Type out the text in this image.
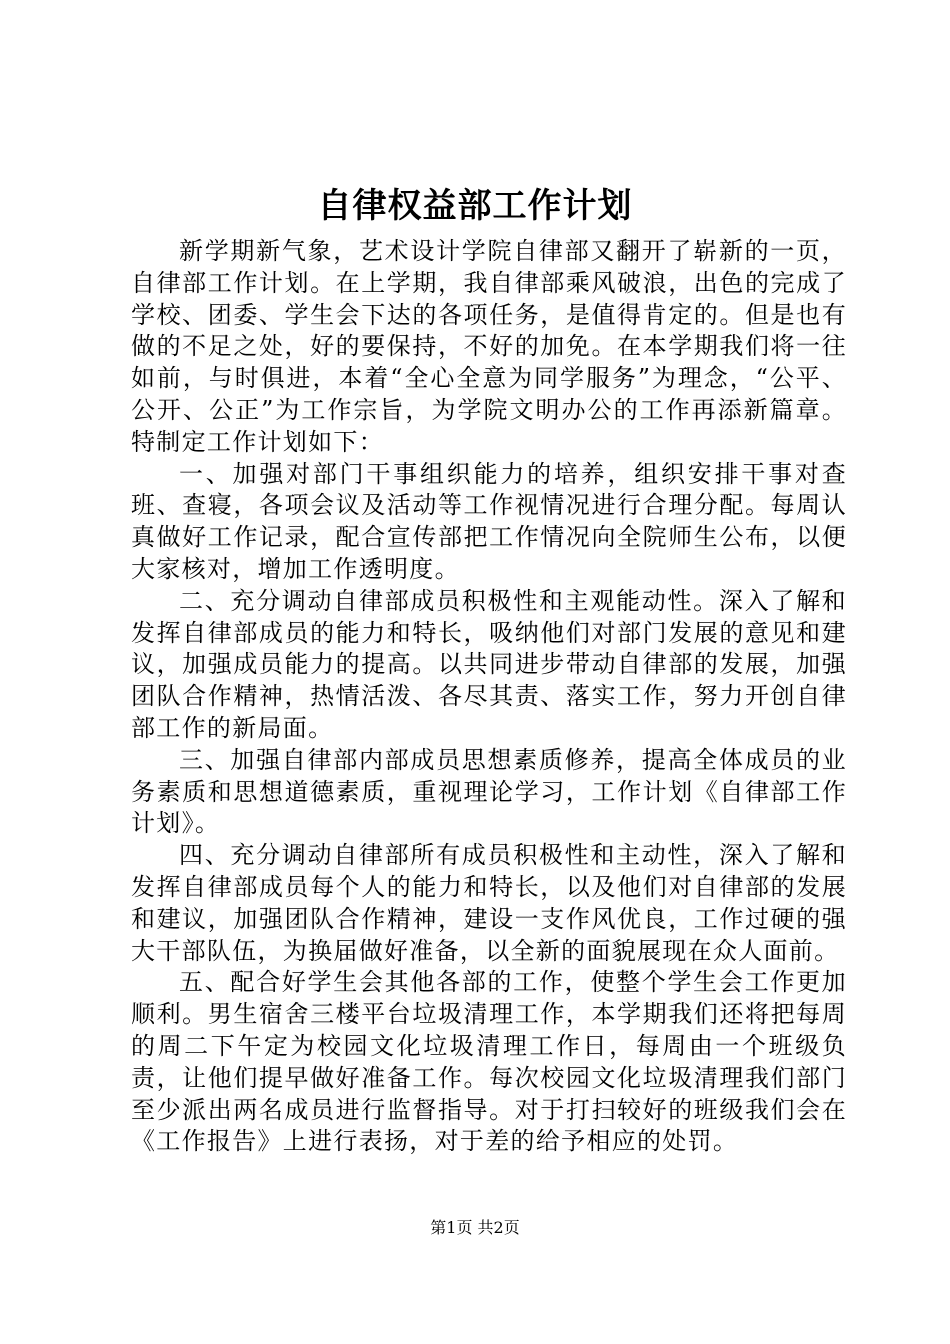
自律权益部工作计划

新学期新气象，艺术设计学院自律部又翻开了崭新的一页，自律部工作计划。在上学期，我自律部乘风破浪，出色的完成了学校、团委、学生会下达的各项任务，是值得肯定的。但是也有做的不足之处，好的要保持，不好的加免。在本学期我们将一往如前，与时俱进，本着“全心全意为同学服务”为理念，“公平、公开、公正”为工作宗旨，为学院文明办公的工作再添新篇章。特制定工作计划如下：

一、加强对部门干事组织能力的培养，组织安排干事对查班、查寝，各项会议及活动等工作视情况进行合理分配。每周认真做好工作记录，配合宣传部把工作情况向全院师生公布，以便大家核对，增加工作透明度。

二、充分调动自律部成员积极性和主观能动性。深入了解和发挥自律部成员的能力和特长，吸纳他们对部门发展的意见和建议，加强成员能力的提高。以共同进步带动自律部的发展，加强团队合作精神，热情活泼、各尽其责、落实工作，努力开创自律部工作的新局面。

三、加强自律部内部成员思想素质修养，提高全体成员的业务素质和思想道德素质，重视理论学习，工作计划《自律部工作计划》。

四、充分调动自律部所有成员积极性和主动性，深入了解和发挥自律部成员每个人的能力和特长，以及他们对自律部的发展和建议，加强团队合作精神，建设一支作风优良，工作过硬的强大干部队伍，为换届做好准备，以全新的面貌展现在众人面前。

五、配合好学生会其他各部的工作，使整个学生会工作更加顺利。男生宿舍三楼平台垃圾清理工作，本学期我们还将把每周的周二下午定为校园文化垃圾清理工作日，每周由一个班级负责，让他们提早做好准备工作。每次校园文化垃圾清理我们部门至少派出两名成员进行监督指导。对于打扫较好的班级我们会在《工作报告》上进行表扬，对于差的给予相应的处罚。

第1页 共2页
